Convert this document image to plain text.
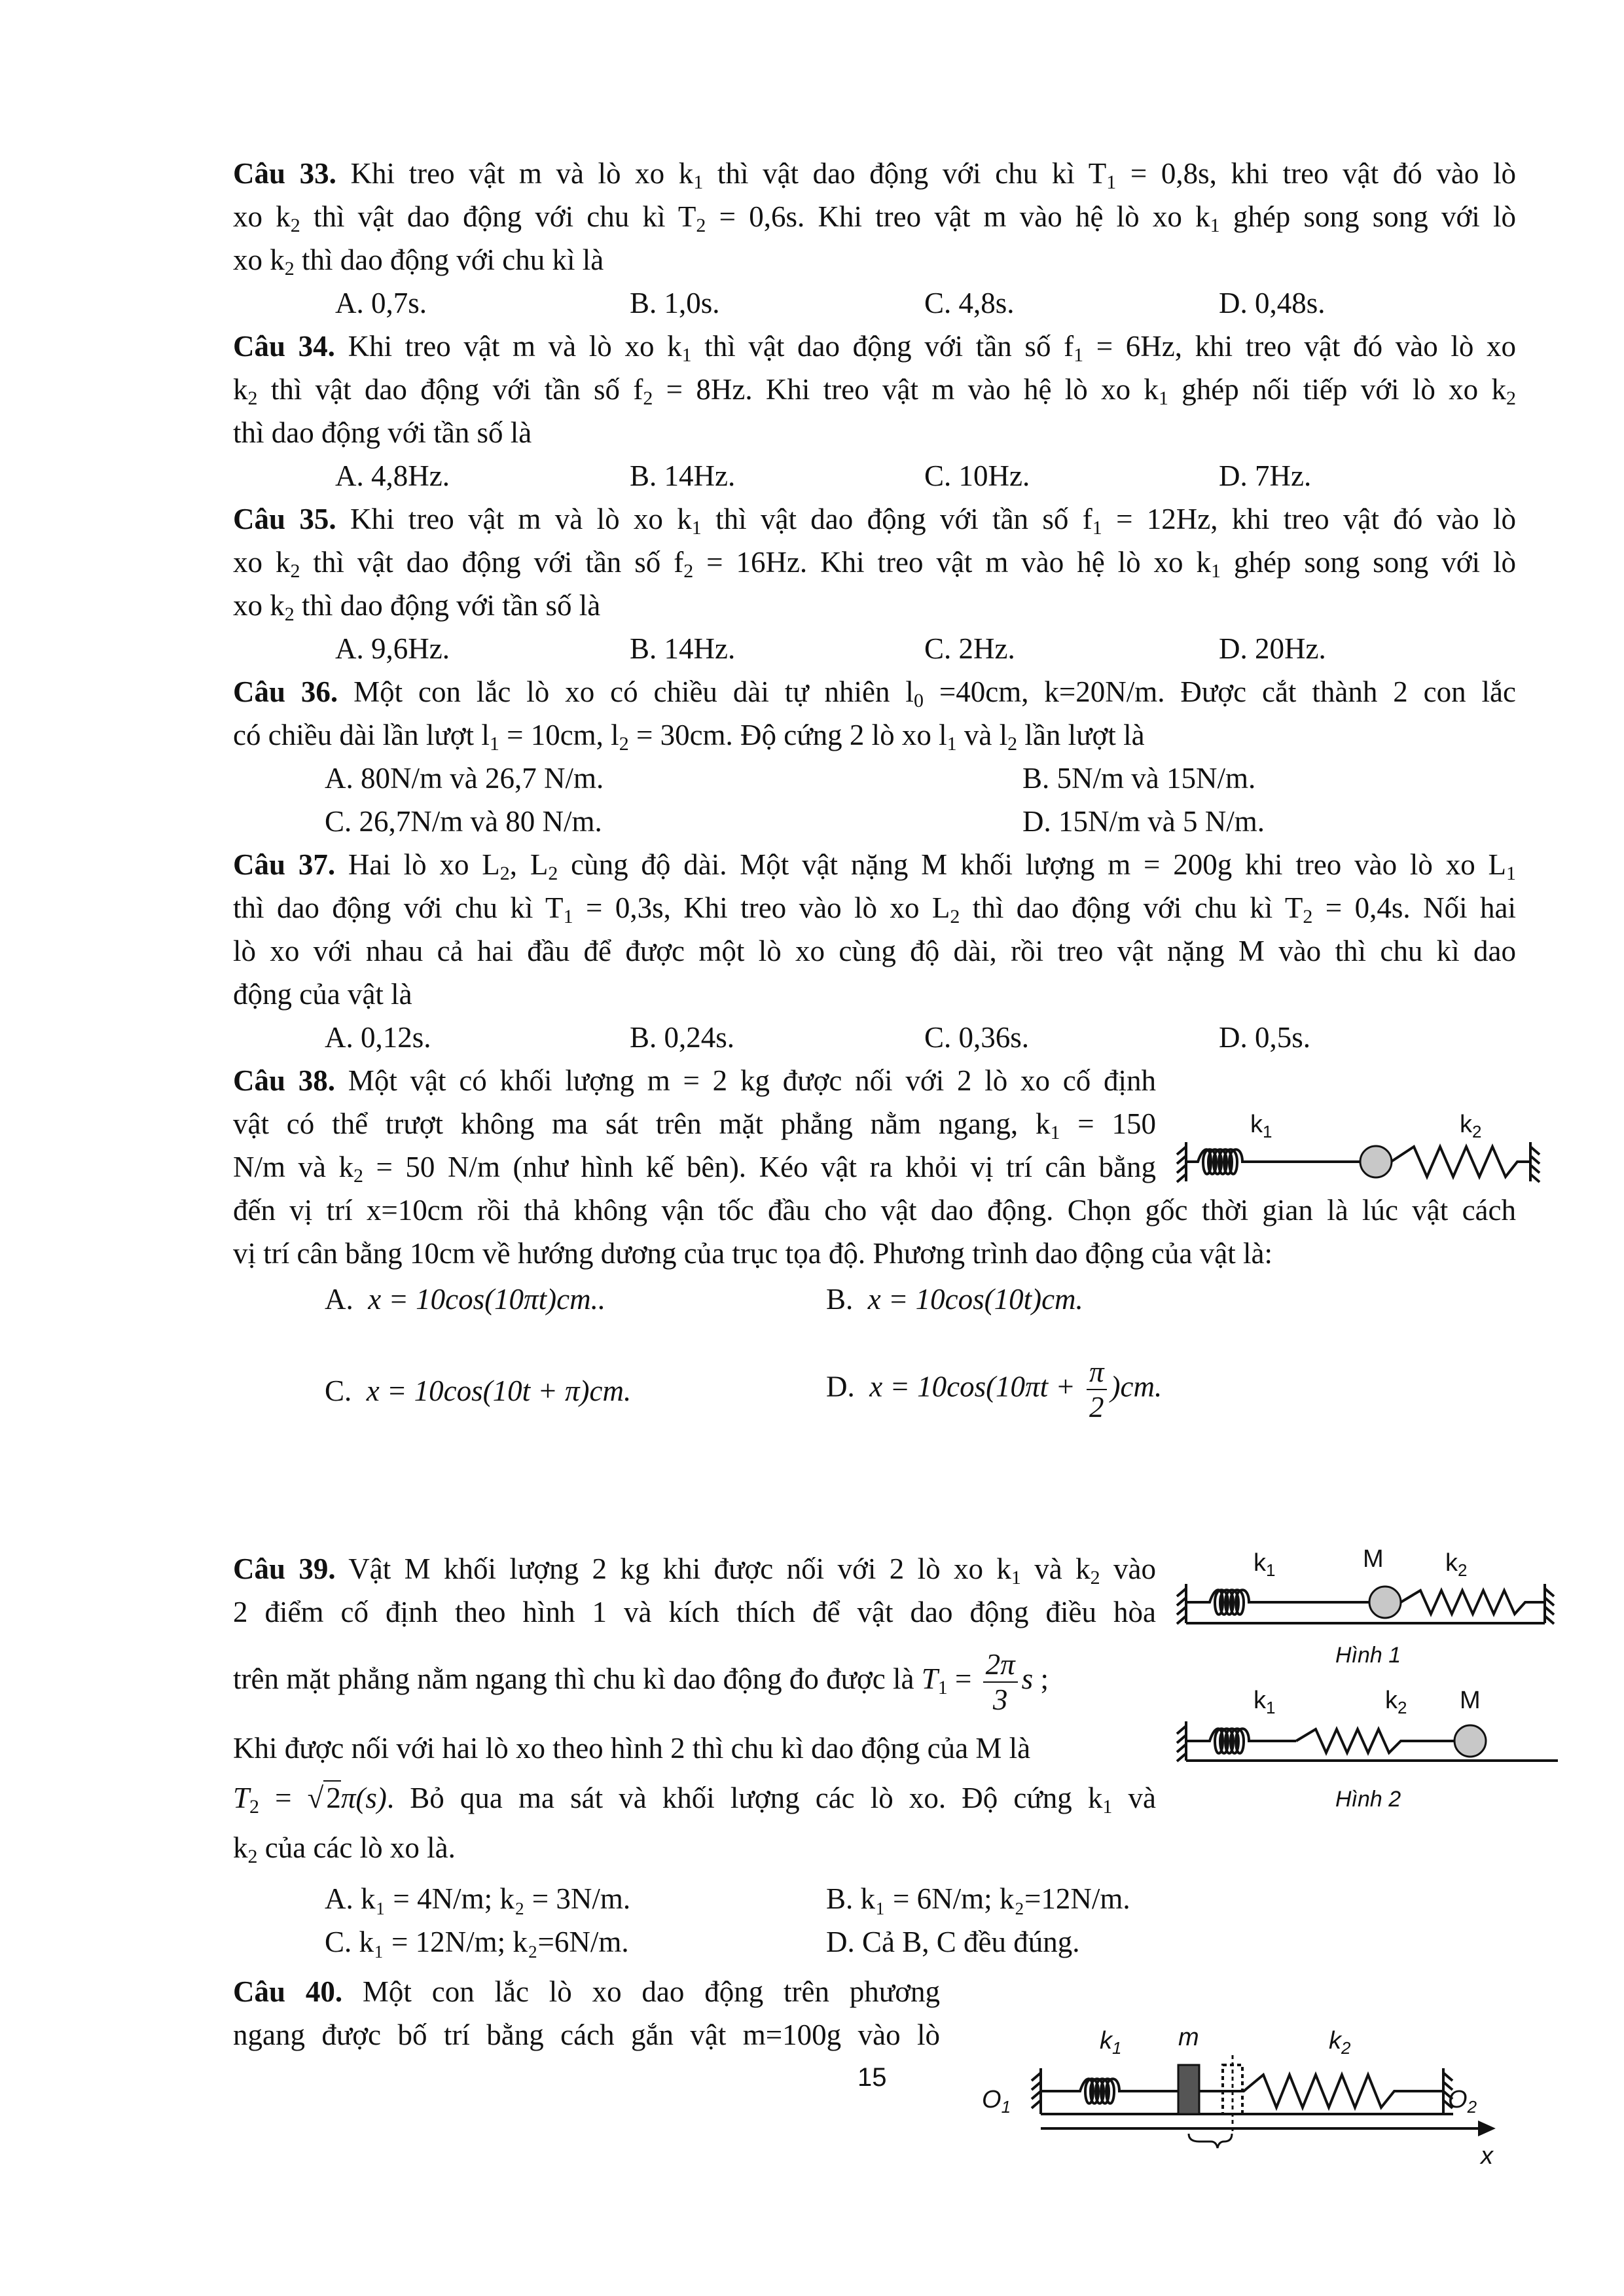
Câu 33. Khi treo vật m và lò xo $k_1$ thì vật dao động với chu kì $T_1 = 0,8s$, khi treo vật đó vào lò
xo $k_2$ thì vật dao động với chu kì $T_2 = 0,6s$. Khi treo vật m vào hệ lò xo $k_1$ ghép song song với lò
xo $k_2$ thì dao động với chu kì là
A. 0,7s.	B. 1,0s.	C. 4,8s.	D. 0,48s.
Câu 34. Khi treo vật m và lò xo $k_1$ thì vật dao động với tần số $f_1 = 6Hz$, khi treo vật đó vào lò xo
$k_2$ thì vật dao động với tần số $f_2 = 8Hz$. Khi treo vật m vào hệ lò xo $k_1$ ghép nối tiếp với lò xo $k_2$
thì dao động với tần số là
A. 4,8Hz.	B. 14Hz.	C. 10Hz.	D. 7Hz.
Câu 35. Khi treo vật m và lò xo $k_1$ thì vật dao động với tần số $f_1 = 12Hz$, khi treo vật đó vào lò
xo $k_2$ thì vật dao động với tần số $f_2 = 16Hz$. Khi treo vật m vào hệ lò xo $k_1$ ghép song song với lò
xo $k_2$ thì dao động với tần số là
A. 9,6Hz.	B. 14Hz.	C. 2Hz.	D. 20Hz.
Câu 36. Một con lắc lò xo có chiều dài tự nhiên $l_0 =40cm$, k=20N/m. Được cắt thành 2 con lắc
có chiều dài lần lượt $l_1 = 10cm$, $l_2 = 30cm$. Độ cứng 2 lò xo $l_1$ và $l_2$ lần lượt là
A. 80N/m và 26,7 N/m.	B. 5N/m và 15N/m.
C. 26,7N/m và 80 N/m.	D. 15N/m và 5 N/m.
Câu 37. Hai lò xo $L_2$, $L_2$ cùng độ dài. Một vật nặng M khối lượng m = 200g khi treo vào lò xo $L_1$
thì dao động với chu kì $T_1 = 0,3s$, Khi treo vào lò xo $L_2$ thì dao động với chu kì $T_2 = 0,4s$. Nối hai
lò xo với nhau cả hai đầu để được một lò xo cùng độ dài, rồi treo vật nặng M vào thì chu kì dao
động của vật là
A. 0,12s.	B. 0,24s.	C. 0,36s.	D. 0,5s.
Câu 38. Một vật có khối lượng m = 2 kg được nối với 2 lò xo cố định
vật có thể trượt không ma sát trên mặt phẳng nằm ngang, $k_1 = 150$
N/m và $k_2 = 50$ N/m (như hình kế bên). Kéo vật ra khỏi vị trí cân bằng
đến vị trí x=10cm rồi thả không vận tốc đầu cho vật dao động. Chọn gốc thời gian là lúc vật cách
vị trí cân bằng 10cm về hướng dương của trục tọa độ. Phương trình dao động của vật là:
A. x = 10cos(10πt)cm..	B. x = 10cos(10t)cm.
C. x = 10cos(10t + π)cm.	D. $x = 10\cos(10\pi t + \frac{\pi}{2} )cm$.
$k_1$	$k_2$
Câu 39. Vật M khối lượng 2 kg khi được nối với 2 lò xo $k_1$ và $k_2$ vào
2 điểm cố định theo hình 1 và kích thích để vật dao động điều hòa
trên mặt phẳng nằm ngang thì chu kì dao động đo được là $T_1 = \frac{2\pi}{3}$ s ;
Khi được nối với hai lò xo theo hình 2 thì chu kì dao động của M là
$T_2 = √2\pi(s)$. Bỏ qua ma sát và khối lượng các lò xo. Độ cứng $k_1$ và
$k_2$ của các lò xo là.
A. k₁ = 4N/m; k₂ = 3N/m.	B. k₁ = 6N/m; k₂=12N/m.
C. k₁ = 12N/m; k₂=6N/m.	D. Cả B, C đều đúng.
$k_1$	M $k_2$
Hình 1
$k_1$	$k_2$ M
Hình 2
Câu 40. Một con lắc lò xo dao động trên phương
ngang được bố trí bằng cách gắn vật m=100g vào lò	$k_1$ m	$k_2$
$O_1$	$O_2$
x
15
